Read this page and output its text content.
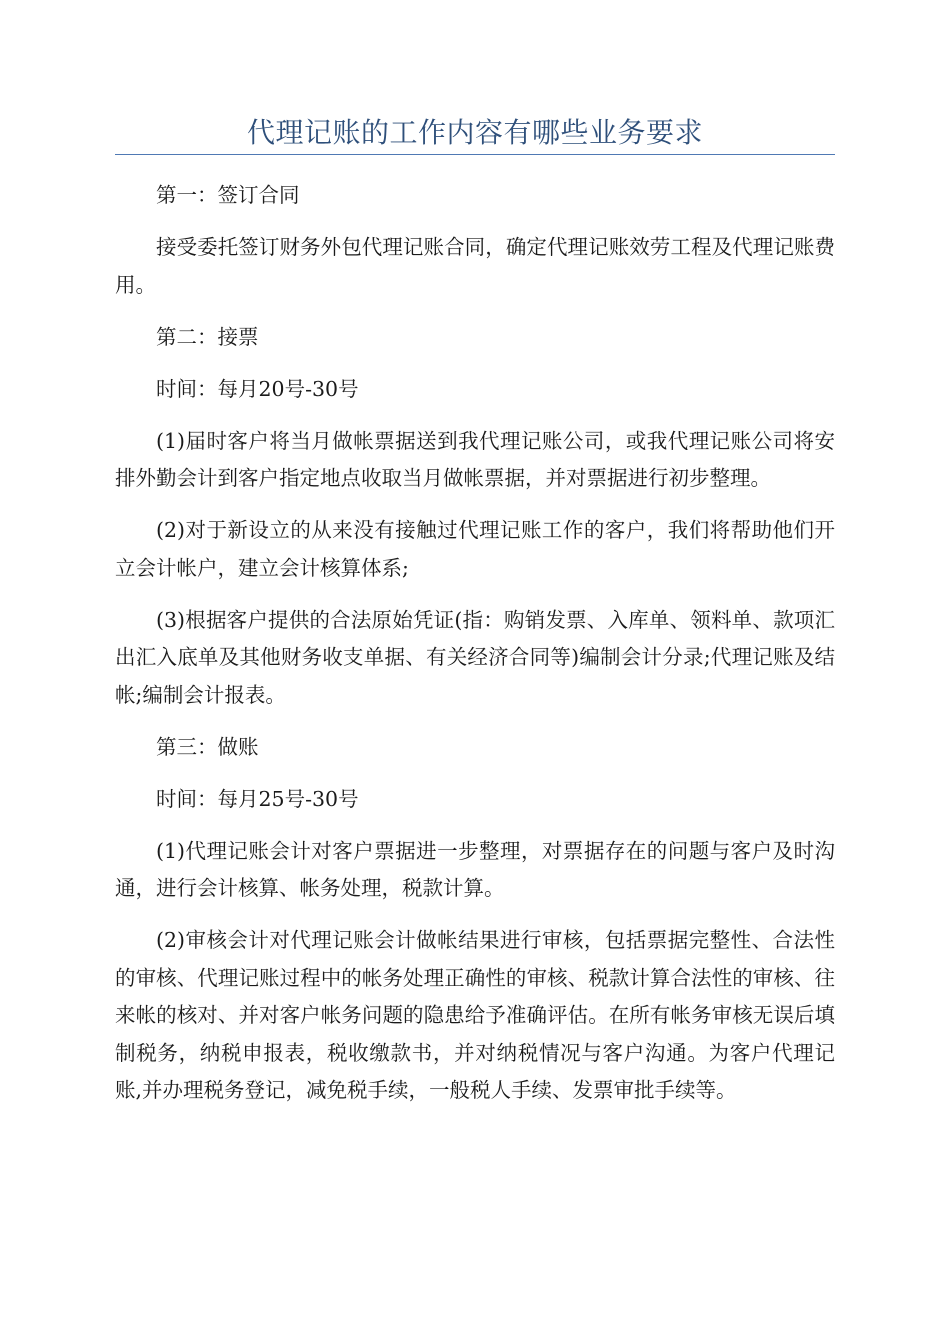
代理记账的工作内容有哪些业务要求

第一：签订合同

接受委托签订财务外包代理记账合同，确定代理记账效劳工程及代理记账费用。

第二：接票

时间：每月20号-30号

(1)届时客户将当月做帐票据送到我代理记账公司，或我代理记账公司将安排外勤会计到客户指定地点收取当月做帐票据，并对票据进行初步整理。

(2)对于新设立的从来没有接触过代理记账工作的客户，我们将帮助他们开立会计帐户，建立会计核算体系;

(3)根据客户提供的合法原始凭证(指：购销发票、入库单、领料单、款项汇出汇入底单及其他财务收支单据、有关经济合同等)编制会计分录;代理记账及结帐;编制会计报表。

第三：做账

时间：每月25号-30号

(1)代理记账会计对客户票据进一步整理，对票据存在的问题与客户及时沟通，进行会计核算、帐务处理，税款计算。

(2)审核会计对代理记账会计做帐结果进行审核，包括票据完整性、合法性的审核、代理记账过程中的帐务处理正确性的审核、税款计算合法性的审核、往来帐的核对、并对客户帐务问题的隐患给予准确评估。在所有帐务审核无误后填制税务，纳税申报表，税收缴款书，并对纳税情况与客户沟通。为客户代理记账,并办理税务登记，减免税手续，一般税人手续、发票审批手续等。
